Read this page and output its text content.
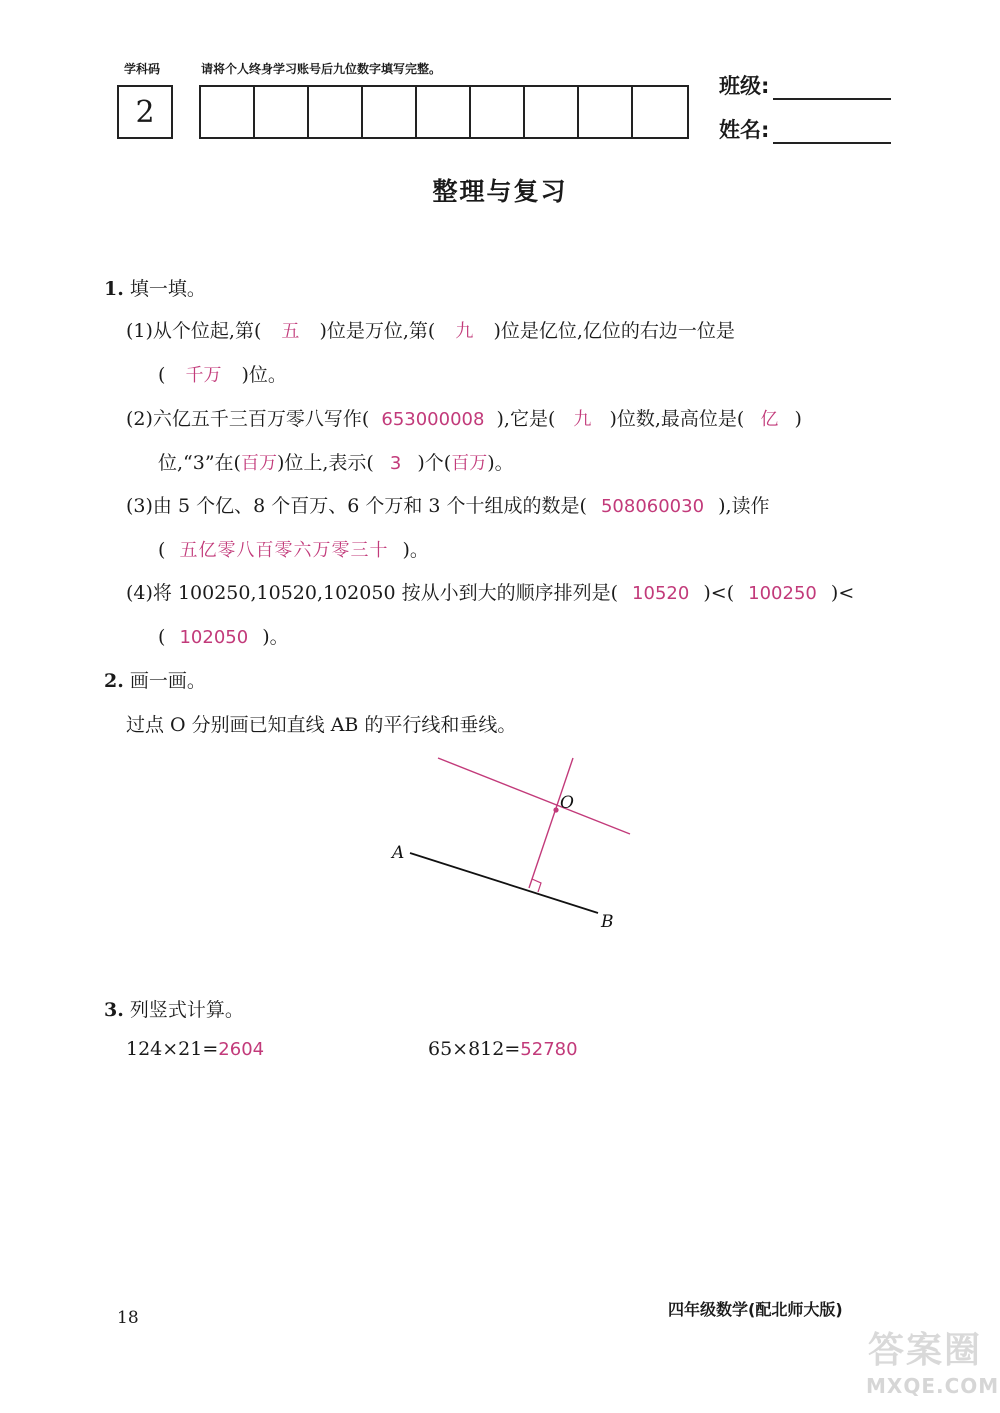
学科码	请将个人终身学习账号后九位数字填写完整。
2
班级:
姓名:
整理与复习
1. 填一填。
(1)从个位起,第( 五 )位是万位,第( 九 )位是亿位,亿位的右边一位是
( 千万 )位。
(2)六亿五千三百万零八写作( 653000008 ),它是( 九 )位数,最高位是( 亿 )
位,“3”在(百万)位上,表示( 3 )个(百万)。
(3)由 5 个亿、8 个百万、6 个万和 3 个十组成的数是( 508060030 ),读作
( 五亿零八百零六万零三十 )。
(4)将 100250,10520,102050 按从小到大的顺序排列是( 10520 )<( 100250 )<
( 102050 )。
2. 画一画。
过点 O 分别画已知直线 AB 的平行线和垂线。
A
B
O
3. 列竖式计算。
124×21=2604	65×812=52780
18	四年级数学(配北师大版)
答案圈
MXQE.COM
